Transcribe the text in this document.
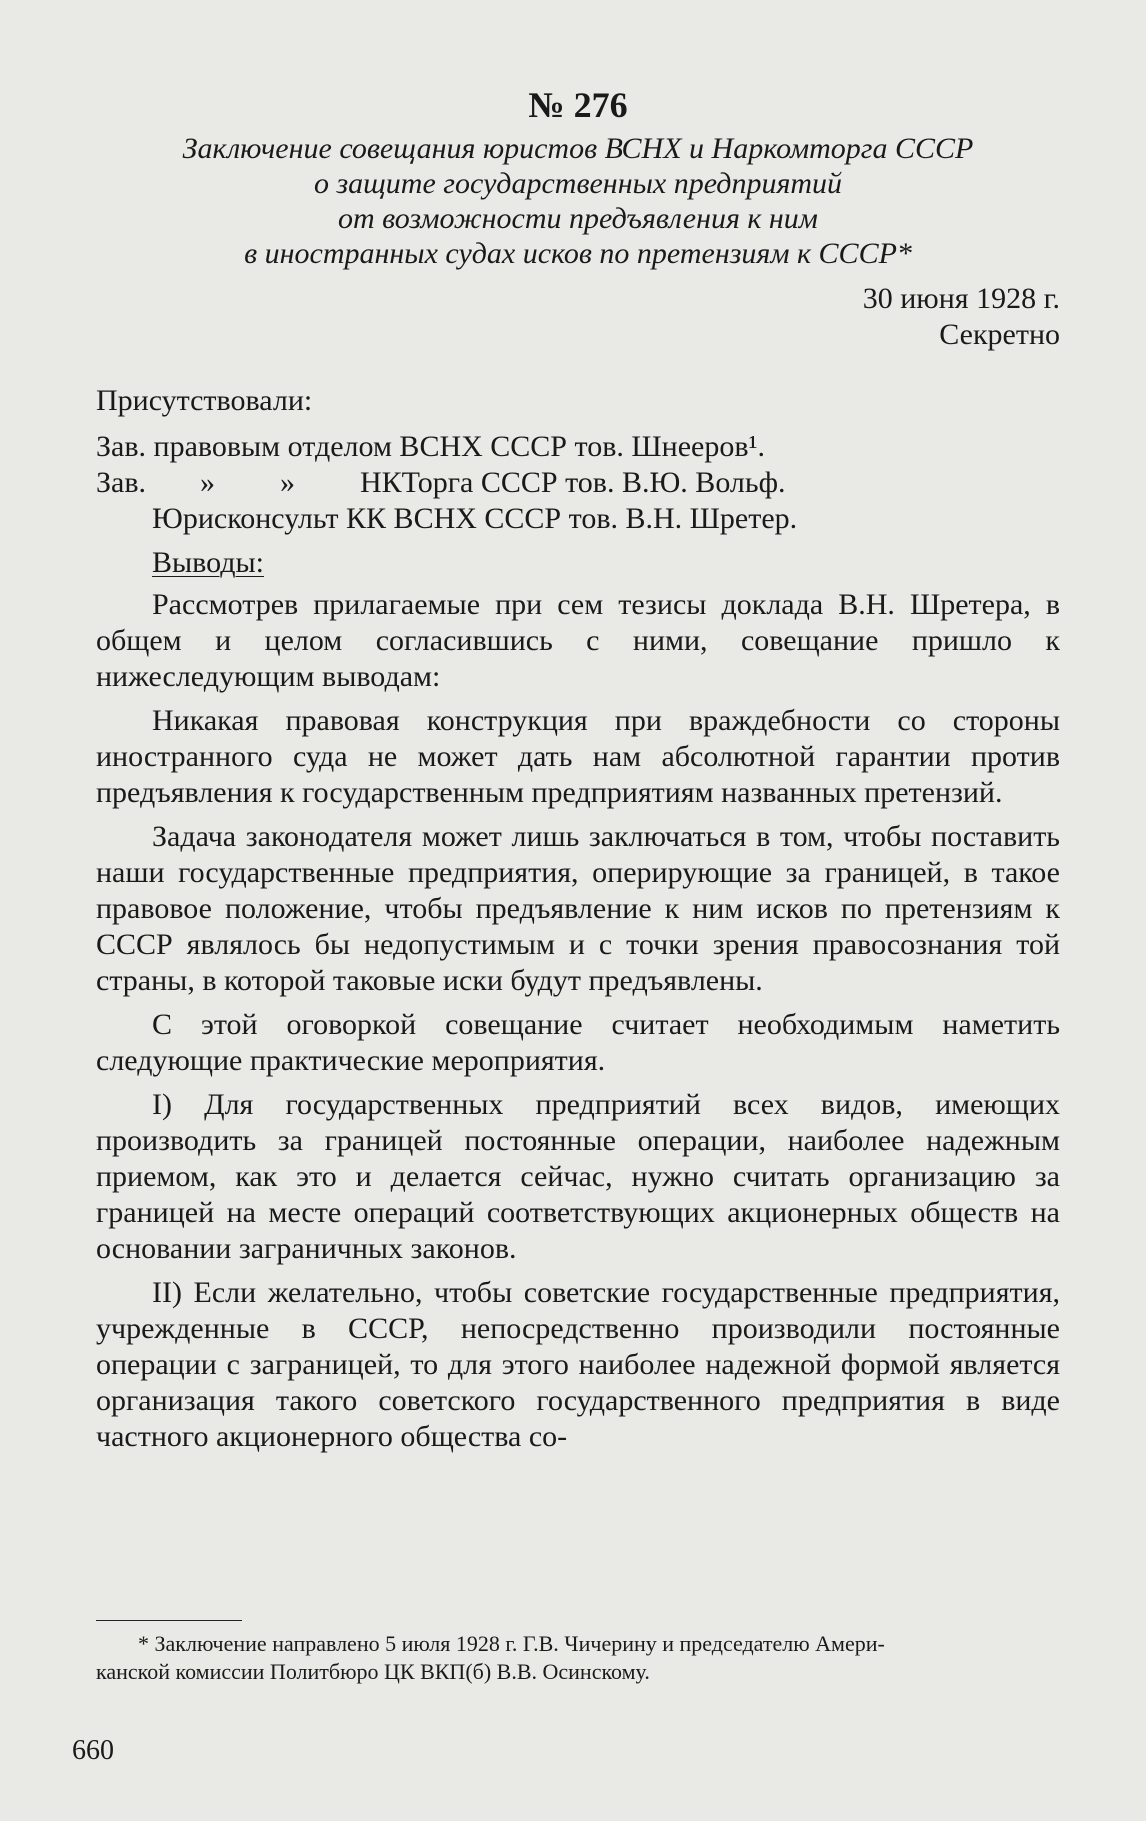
№ 276
Заключение совещания юристов ВСНХ и Наркомторга СССР
о защите государственных предприятий
от возможности предъявления к ним
в иностранных судах исков по претензиям к СССР*
30 июня 1928 г.
Секретно
Присутствовали:
Зав. правовым отделом ВСНХ СССР тов. Шнееров¹.
Зав. » » НКТорга СССР тов. В.Ю. Вольф.
Юрисконсульт КК ВСНХ СССР тов. В.Н. Шретер.
Выводы:

Рассмотрев прилагаемые при сем тезисы доклада В.Н. Шретера, в общем и целом согласившись с ними, совещание пришло к нижеследующим выводам:

Никакая правовая конструкция при враждебности со стороны иностранного суда не может дать нам абсолютной гарантии против предъявления к государственным предприятиям названных претензий.

Задача законодателя может лишь заключаться в том, чтобы поставить наши государственные предприятия, оперирующие за границей, в такое правовое положение, чтобы предъявление к ним исков по претензиям к СССР являлось бы недопустимым и с точки зрения правосознания той страны, в которой таковые иски будут предъявлены.

С этой оговоркой совещание считает необходимым наметить следующие практические мероприятия.

I) Для государственных предприятий всех видов, имеющих производить за границей постоянные операции, наиболее надежным приемом, как это и делается сейчас, нужно считать организацию за границей на месте операций соответствующих акционерных обществ на основании заграничных законов.

II) Если желательно, чтобы советские государственные предприятия, учрежденные в СССР, непосредственно производили постоянные операции с заграницей, то для этого наиболее надежной формой является организация такого советского государственного предприятия в виде частного акционерного общества со-

* Заключение направлено 5 июля 1928 г. Г.В. Чичерину и председателю Амери-
канской комиссии Политбюро ЦК ВКП(б) В.В. Осинскому.
660
